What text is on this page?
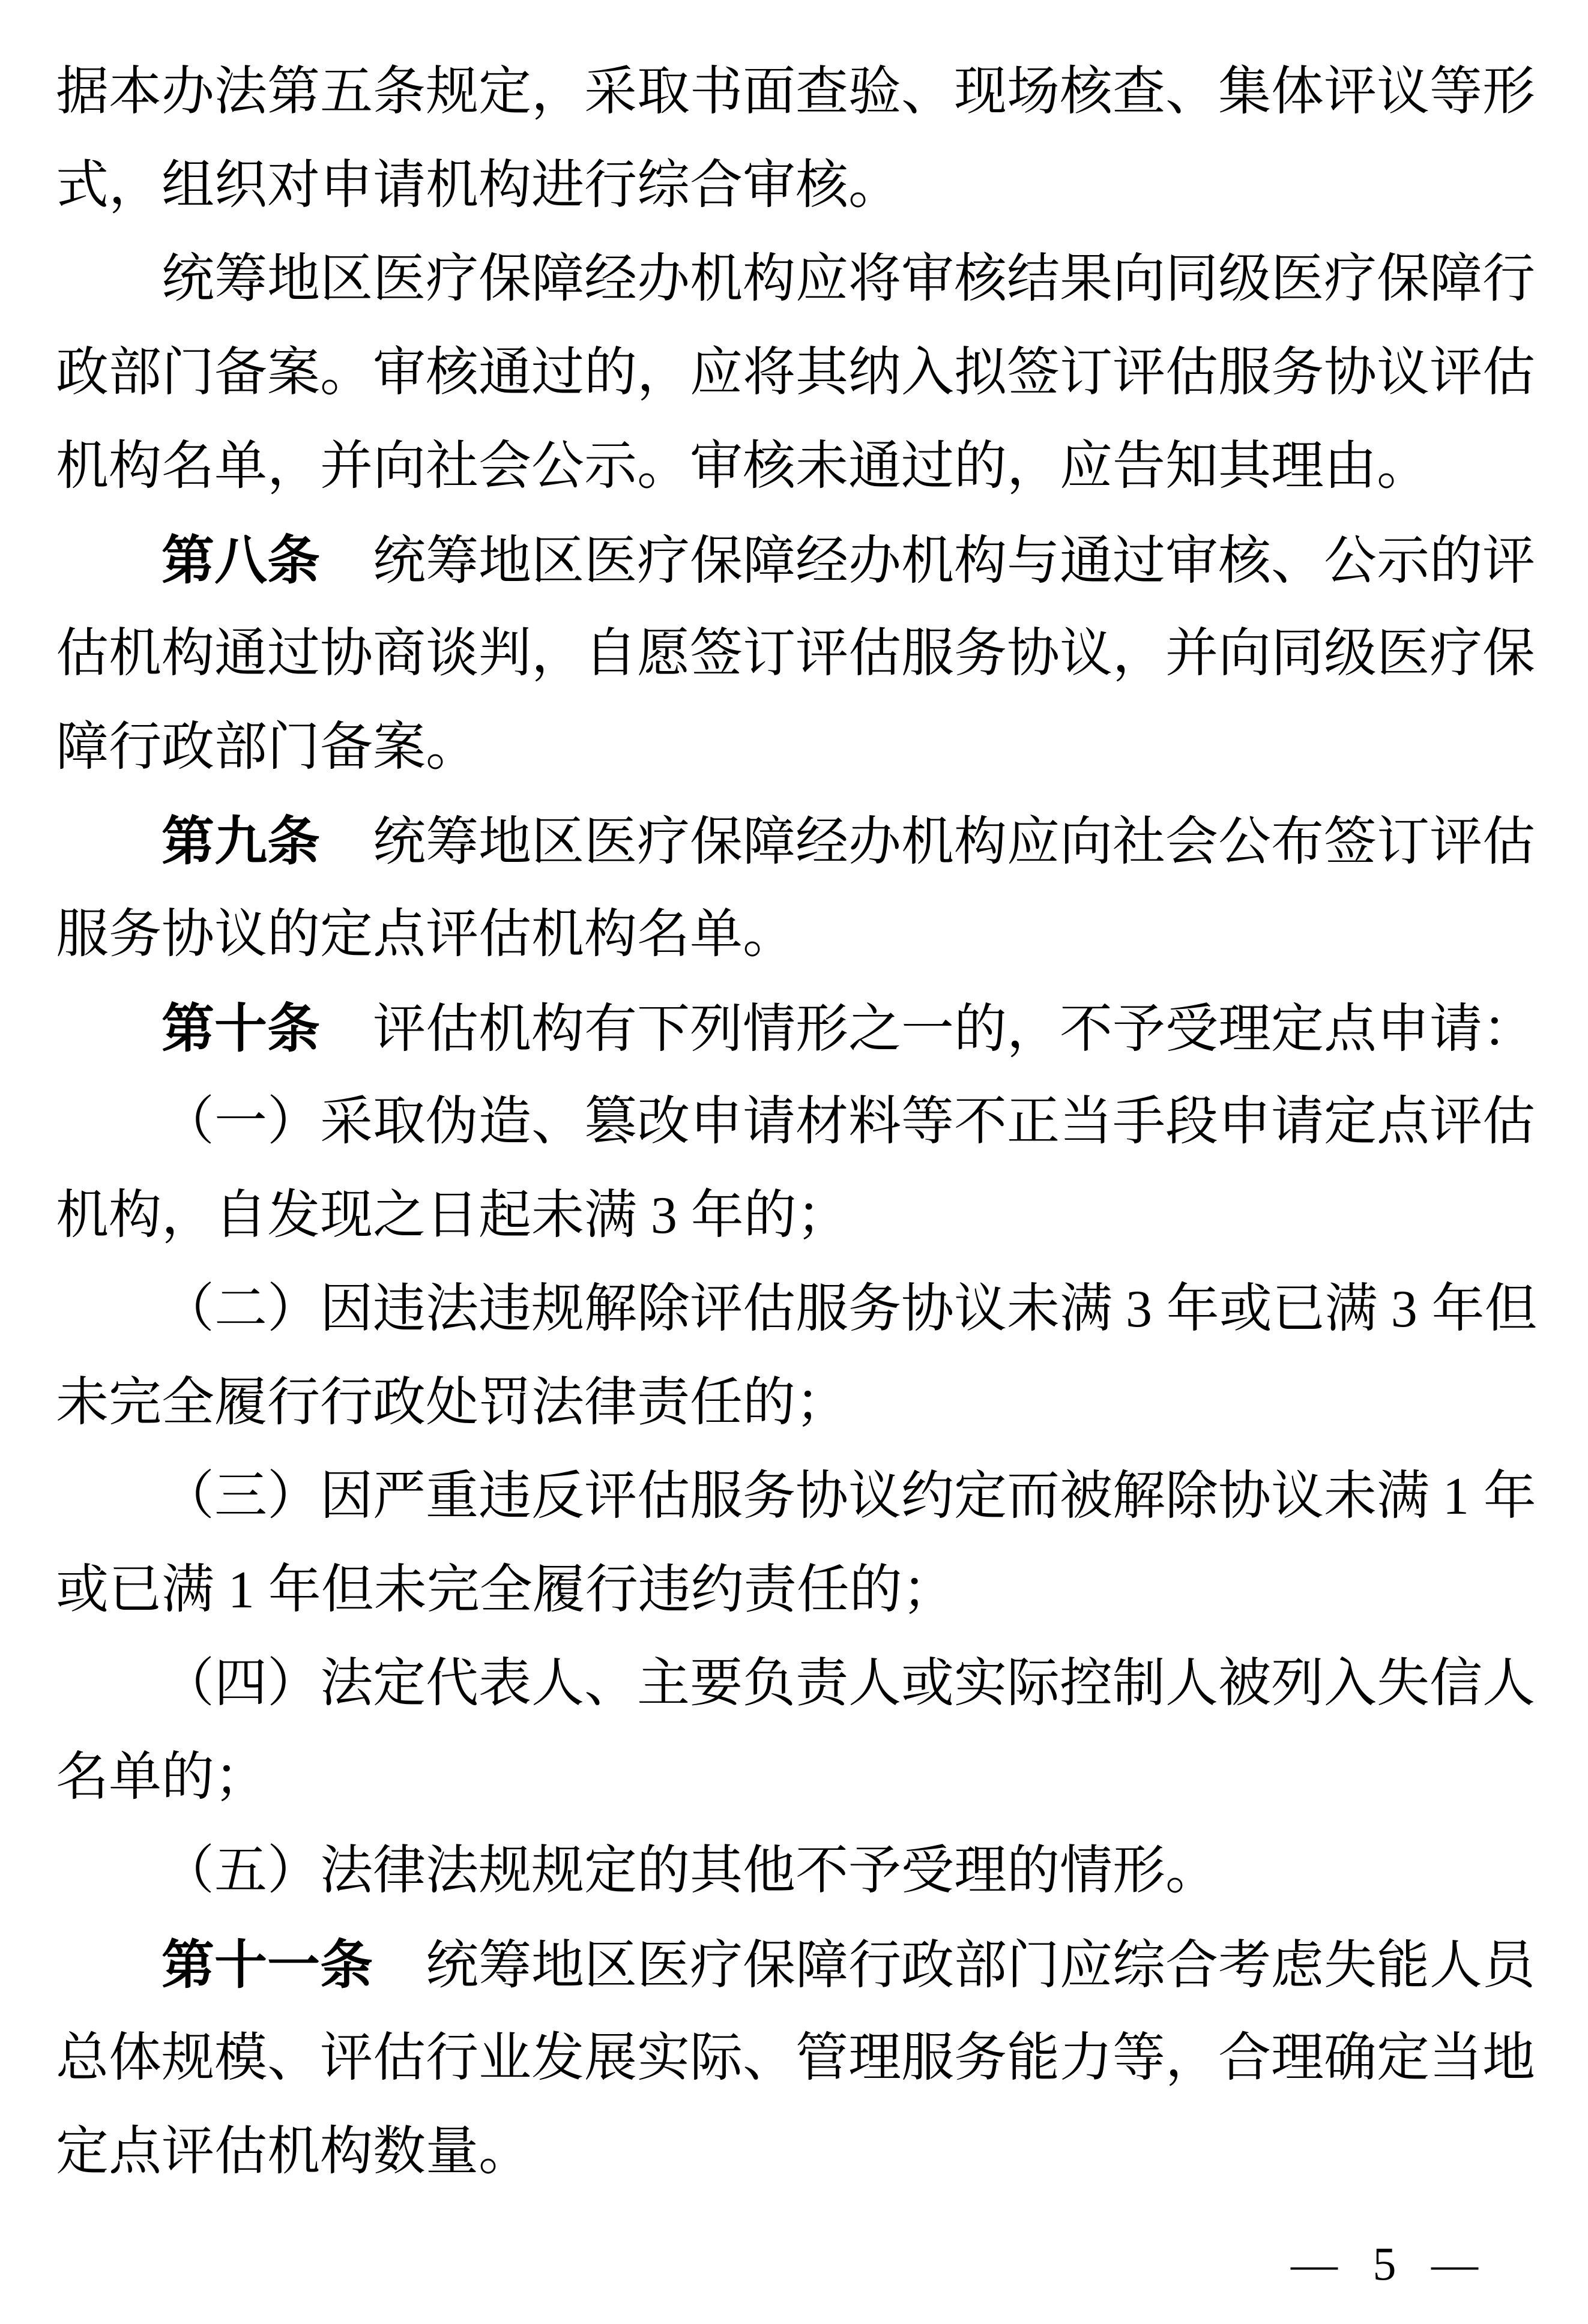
据本办法第五条规定，采取书面查验、现场核查、集体评议等形
式，组织对申请机构进行综合审核。
统筹地区医疗保障经办机构应将审核结果向同级医疗保障行
政部门备案。审核通过的，应将其纳入拟签订评估服务协议评估
机构名单，并向社会公示。审核未通过的，应告知其理由。
第八条　统筹地区医疗保障经办机构与通过审核、公示的评
估机构通过协商谈判，自愿签订评估服务协议，并向同级医疗保
障行政部门备案。
第九条　统筹地区医疗保障经办机构应向社会公布签订评估
服务协议的定点评估机构名单。
第十条　评估机构有下列情形之一的，不予受理定点申请：
（一）采取伪造、篡改申请材料等不正当手段申请定点评估
机构，自发现之日起未满 3 年的；
（二）因违法违规解除评估服务协议未满 3 年或已满 3 年但
未完全履行行政处罚法律责任的；
（三）因严重违反评估服务协议约定而被解除协议未满 1 年
或已满 1 年但未完全履行违约责任的；
（四）法定代表人、主要负责人或实际控制人被列入失信人
名单的；
（五）法律法规规定的其他不予受理的情形。
第十一条　统筹地区医疗保障行政部门应综合考虑失能人员
总体规模、评估行业发展实际、管理服务能力等，合理确定当地
定点评估机构数量。
— 5 —
